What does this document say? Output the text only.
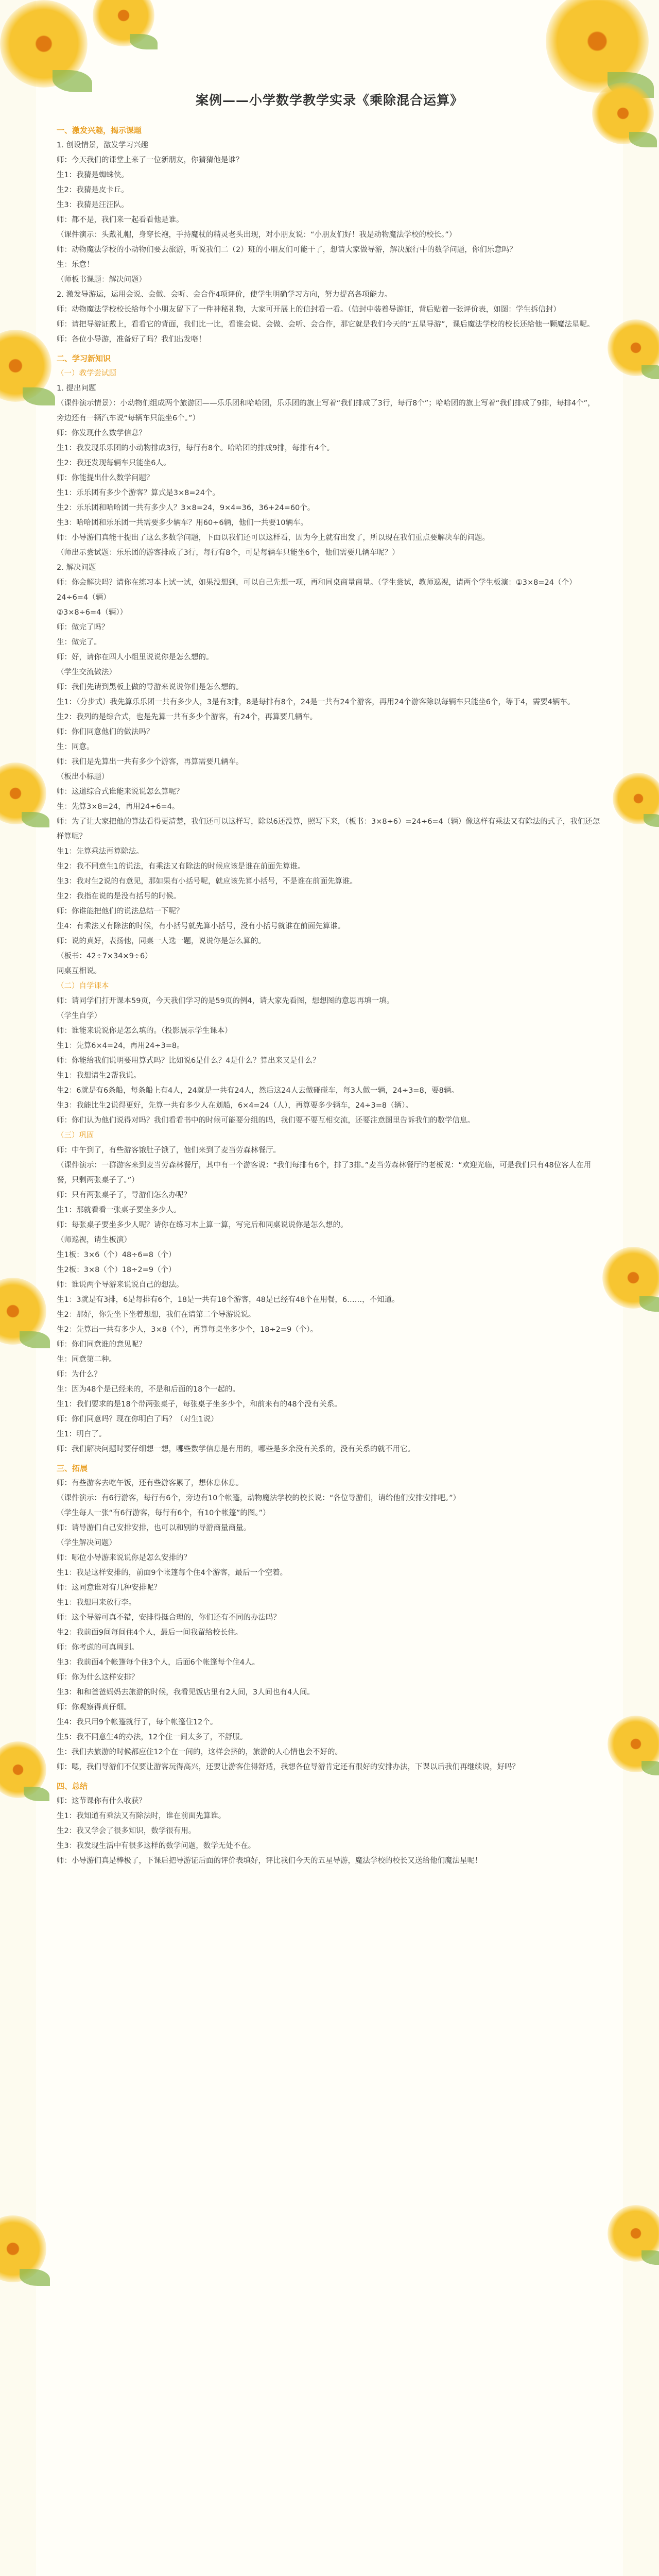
案例——小学数学教学实录《乘除混合运算》
一、激发兴趣，揭示课题
1. 创设情景，激发学习兴趣
师：今天我们的课堂上来了一位新朋友，你猜猜他是谁？
生1：我猜是蜘蛛侠。
生2：我猜是皮卡丘。
生3：我猜是汪汪队。
师：都不是，我们来一起看看他是谁。
（课件演示：头戴礼帽，身穿长袍，手持魔杖的精灵老头出现，对小朋友说：“小朋友们好！我是动物魔法学校的校长。”）
师：动物魔法学校的小动物们要去旅游，听说我们二（2）班的小朋友们可能干了，想请大家做导游，解决旅行中的数学问题，你们乐意吗？
生：乐意！
（师板书课题：解决问题）
2. 激发导游运，运用会说、会做、会听、会合作4项评价，使学生明确学习方向，努力提高各项能力。
师：动物魔法学校校长给每个小朋友留下了一件神秘礼物，大家可开展上的信封看一看。（信封中装着导游证，背后贴着一张评价表，如图：学生拆信封）
师：请把导游证戴上，看看它的背面，我们比一比，看谁会说、会做、会听、会合作，那它就是我们今天的“五星导游”，课后魔法学校的校长还给他一颗魔法星呢。
师：各位小导游，准备好了吗？我们出发咯！
二、学习新知识
（一）教学尝试题
1. 提出问题
（课件演示情景）：小动物们组成两个旅游团——乐乐团和哈哈团，乐乐团的旗上写着“我们排成了3行，每行8个”；哈哈团的旗上写着“我们排成了9排，每排4个”，旁边还有一辆汽车说“每辆车只能坐6个。”）
师：你发现什么数学信息？
生1：我发现乐乐团的小动物排成3行，每行有8个。哈哈团的排成9排，每排有4个。
生2：我还发现每辆车只能坐6人。
师：你能提出什么数学问题？
生1：乐乐团有多少个游客？算式是3×8=24个。
生2：乐乐团和哈哈团一共有多少人？3×8=24，9×4=36，36+24=60个。
生3：哈哈团和乐乐团一共需要多少辆车？用60÷6辆，他们一共要10辆车。
师：小导游们真能干提出了这么多数学问题，下面以我们还可以这样看，因为今上就有出发了，所以现在我们重点要解决车的问题。
（师出示尝试题：乐乐团的游客排成了3行，每行有8个，可是每辆车只能坐6个，他们需要几辆车呢？）
2. 解决问题
师：你会解决吗？请你在练习本上试一试，如果没想到，可以自己先想一项，再和同桌商量商量。（学生尝试，教师巡视，请两个学生板演：①3×8=24（个） 24÷6=4（辆）
②3×8÷6=4（辆））
师：做完了吗？
生：做完了。
师：好，请你在四人小组里说说你是怎么想的。
（学生交流做法）
师：我们先请到黑板上做的导游来说说你们是怎么想的。
生1：（分步式）我先算乐乐团一共有多少人，3是有3排，8是每排有8个，24是一共有24个游客，再用24个游客除以每辆车只能坐6个，等于4，需要4辆车。
生2：我列的是综合式，也是先算一共有多少个游客，有24个，再算要几辆车。
师：你们同意他们的做法吗？
生：同意。
师：我们是先算出一共有多少个游客，再算需要几辆车。
（板出小标题）
师：这道综合式谁能来说说怎么算呢？
生：先算3×8=24，再用24÷6=4。
师：为了让大家把他的算法看得更清楚，我们还可以这样写，除以6还没算，照写下来，（板书：3×8÷6）=24÷6=4（辆）像这样有乘法又有除法的式子，我们还怎样算呢？
生1：先算乘法再算除法。
生2：我不同意生1的说法，有乘法又有除法的时候应该是谁在前面先算谁。
生3：我对生2说的有意见，那如果有小括号呢，就应该先算小括号，不是谁在前面先算谁。
生2：我指在说的是没有括号的时候。
师：你谁能把他们的说法总结一下呢？
生4：有乘法又有除法的时候，有小括号就先算小括号，没有小括号就谁在前面先算谁。
师：说的真好，表扬他，同桌一人选一题，说说你是怎么算的。
（板书：42÷7×34×9÷6）
同桌互相说。
（二）自学课本
师：请同学们打开课本59页，今天我们学习的是59页的例4，请大家先看图，想想图的意思再填一填。
（学生自学）
师：谁能来说说你是怎么填的。（投影展示学生课本）
生1：先算6×4=24，再用24÷3=8。
师：你能给我们说明要用算式吗？比如说6是什么？4是什么？算出来又是什么？
生1：我想请生2帮我说。
生2：6就是有6条船，每条船上有4人，24就是一共有24人，然后这24人去做碰碰车，每3人做一辆，24÷3=8，要8辆。
生3：我能比生2说得更好，先算一共有多少人在划船，6×4=24（人），再算要多少辆车，24÷3=8（辆）。
师：你们认为他们说得对吗？我们看看书中的时候可能要分组的吗，我们要不要互相交流，还要注意图里告诉我们的数学信息。
（三）巩固
师：中午到了，有些游客饿肚子饿了，他们来到了麦当劳森林餐厅。
（课件演示：一群游客来到麦当劳森林餐厅，其中有一个游客说：“我们每排有6个，排了3排。”麦当劳森林餐厅的老板说：“欢迎光临，可是我们只有48位客人在用餐，只剩两张桌子了。”）
师：只有两张桌子了，导游们怎么办呢？
生1：那就看看一张桌子要坐多少人。
师：每张桌子要坐多少人呢？请你在练习本上算一算，写完后和同桌说说你是怎么想的。
（师巡视，请生板演）
生1板：3×6（个）48÷6=8（个）
生2板：3×8（个）18÷2=9（个）
师：谁说两个导游来说说自己的想法。
生1：3就是有3排，6是每排有6个，18是一共有18个游客，48是已经有48个在用餐，6……，不知道。
生2：那好，你先坐下坐着想想，我们在请第二个导游说说。
生2：先算出一共有多少人，3×8（个），再算每桌坐多少个，18÷2=9（个）。
师：你们同意谁的意见呢？
生：同意第二种。
师：为什么？
生：因为48个是已经来的，不是和后面的18个一起的。
生1：我们要求的是18个带两张桌子，每张桌子坐多少个，和前来有的48个没有关系。
师：你们同意吗？现在你明白了吗？（对生1说）
生1：明白了。
师：我们解决问题时要仔细想一想，哪些数学信息是有用的，哪些是多余没有关系的，没有关系的就不用它。
三、拓展
师：有些游客去吃午饭，还有些游客累了，想休息休息。
（课件演示：有6行游客，每行有6个，旁边有10个帐篷，动物魔法学校的校长说：“各位导游们，请给他们安排安排吧。”）
（学生每人一张“有6行游客，每行有6个，有10个帐篷”的图。”）
师：请导游们自己安排安排，也可以和别的导游商量商量。
（学生解决问题）
师：哪位小导游来说说你是怎么安排的？
生1：我是这样安排的，前面9个帐篷每个住4个游客，最后一个空着。
师：这同意谁对有几种安排呢？
生1：我想用来放行李。
师：这个导游可真不错，安排得挺合理的，你们还有不同的办法吗？
生2：我前面9间每间住4个人，最后一间我留给校长住。
师：你考虑的可真周到。
生3：我前面4个帐篷每个住3个人，后面6个帐篷每个住4人。
师：你为什么这样安排？
生3：和和爸爸妈妈去旅游的时候，我看见饭店里有2人间，3人间也有4人间。
师：你观察得真仔细。
生4：我只用9个帐篷就行了，每个帐篷住12个。
生5：我不同意生4的办法，12个住一间太多了，不舒服。
生：我们去旅游的时候都应住12个在一间的，这样会挤的，旅游的人心情也会不好的。
师：嗯，我们导游们不仅要让游客玩得高兴，还要让游客住得舒适，我想各位导游肯定还有很好的安排办法，下课以后我们再继续说，好吗？
四、总结
师：这节课你有什么收获？
生1：我知道有乘法又有除法时，谁在前面先算谁。
生2：我又学会了很多知识，数学很有用。
生3：我发现生活中有很多这样的数学问题，数学无处不在。
师：小导游们真是棒极了，下课后把导游证后面的评价表填好，评比我们今天的五星导游，魔法学校的校长又送给他们魔法星呢！
